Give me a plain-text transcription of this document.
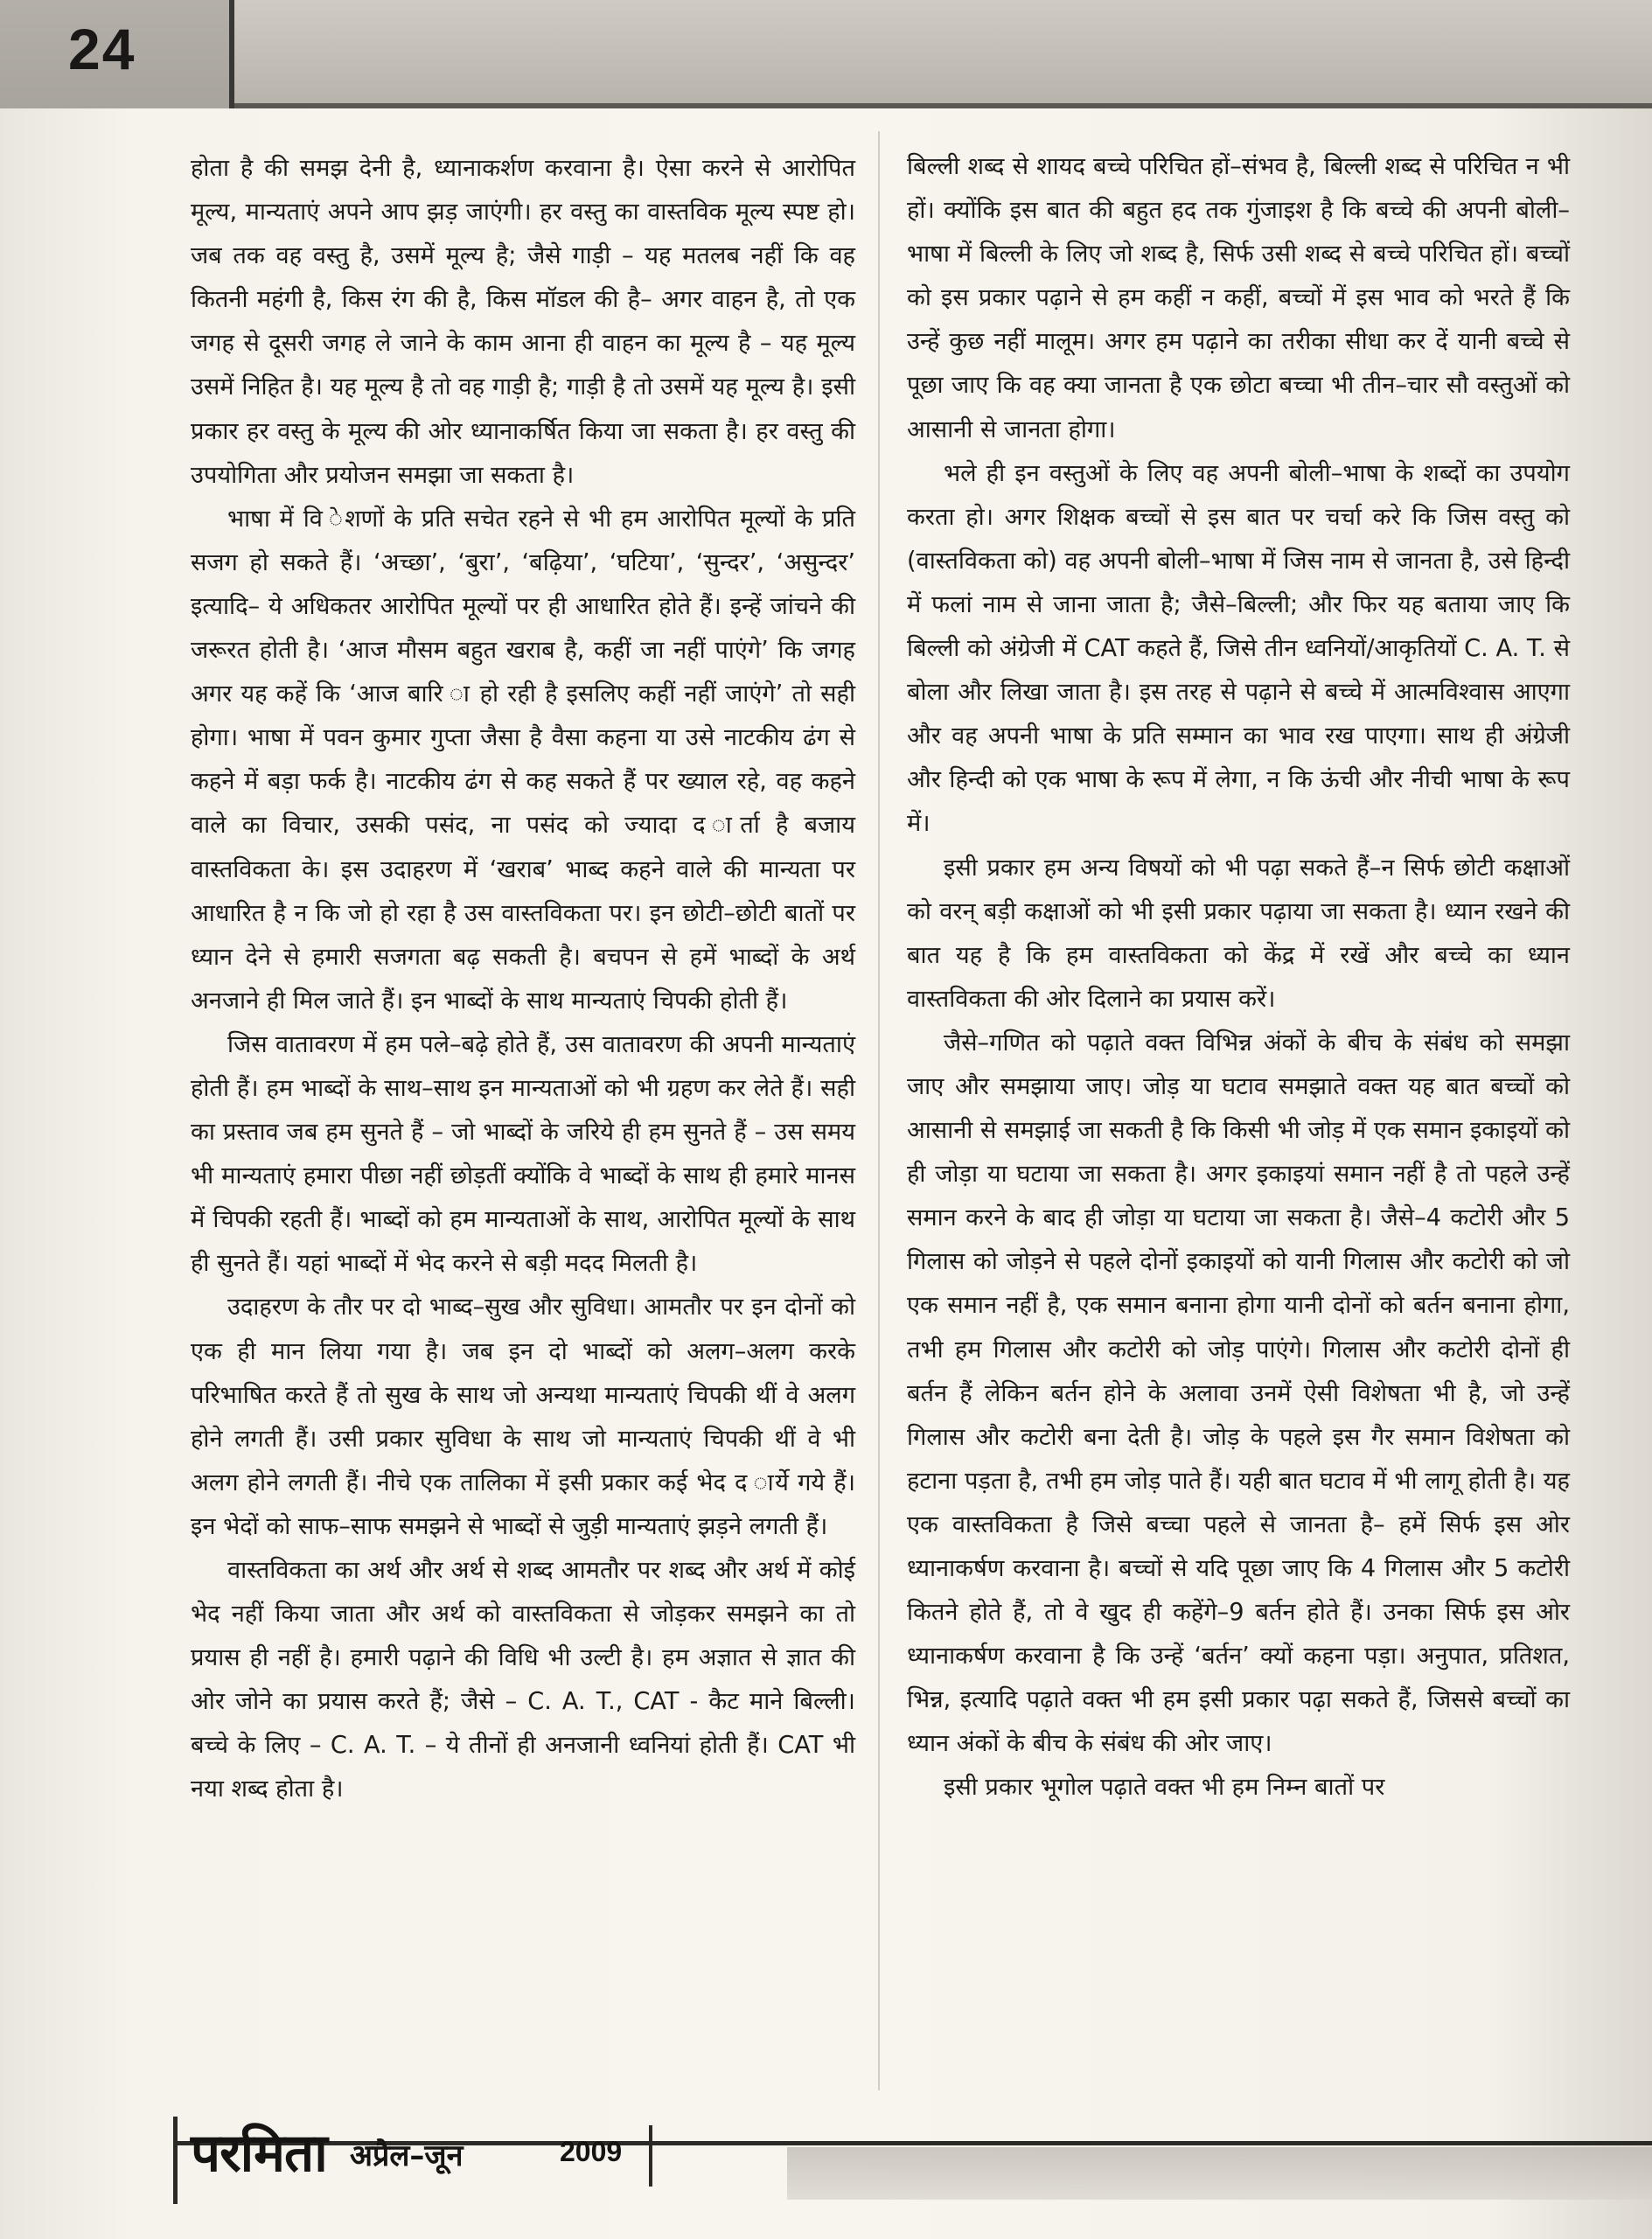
24

होता है की समझ देनी है, ध्यानाकर्शण करवाना है। ऐसा करने से आरोपित मूल्य, मान्यताएं अपने आप झड़ जाएंगी। हर वस्तु का वास्तविक मूल्य स्पष्ट हो। जब तक वह वस्तु है, उसमें मूल्य है; जैसे गाड़ी – यह मतलब नहीं कि वह कितनी महंगी है, किस रंग की है, किस मॉडल की है– अगर वाहन है, तो एक जगह से दूसरी जगह ले जाने के काम आना ही वाहन का मूल्य है – यह मूल्य उसमें निहित है। यह मूल्य है तो वह गाड़ी है; गाड़ी है तो उसमें यह मूल्य है। इसी प्रकार हर वस्तु के मूल्य की ओर ध्यानाकर्षित किया जा सकता है। हर वस्तु की उपयोगिता और प्रयोजन समझा जा सकता है।

भाषा में वि ेशणों के प्रति सचेत रहने से भी हम आरोपित मूल्यों के प्रति सजग हो सकते हैं। ‘अच्छा’, ‘बुरा’, ‘बढ़िया’, ‘घटिया’, ‘सुन्दर’, ‘असुन्दर’ इत्यादि– ये अधिकतर आरोपित मूल्यों पर ही आधारित होते हैं। इन्हें जांचने की जरूरत होती है। ‘आज मौसम बहुत खराब है, कहीं जा नहीं पाएंगे’ कि जगह अगर यह कहें कि ‘आज बारि ा हो रही है इसलिए कहीं नहीं जाएंगे’ तो सही होगा। भाषा में पवन कुमार गुप्ता जैसा है वैसा कहना या उसे नाटकीय ढंग से कहने में बड़ा फर्क है। नाटकीय ढंग से कह सकते हैं पर ख्याल रहे, वह कहने वाले का विचार, उसकी पसंद, ना पसंद को ज्यादा द ार्ता है बजाय वास्तविकता के। इस उदाहरण में ‘खराब’ भाब्द कहने वाले की मान्यता पर आधारित है न कि जो हो रहा है उस वास्तविकता पर। इन छोटी–छोटी बातों पर ध्यान देने से हमारी सजगता बढ़ सकती है। बचपन से हमें भाब्दों के अर्थ अनजाने ही मिल जाते हैं। इन भाब्दों के साथ मान्यताएं चिपकी होती हैं।

जिस वातावरण में हम पले–बढ़े होते हैं, उस वातावरण की अपनी मान्यताएं होती हैं। हम भाब्दों के साथ–साथ इन मान्यताओं को भी ग्रहण कर लेते हैं। सही का प्रस्ताव जब हम सुनते हैं – जो भाब्दों के जरिये ही हम सुनते हैं – उस समय भी मान्यताएं हमारा पीछा नहीं छोड़तीं क्योंकि वे भाब्दों के साथ ही हमारे मानस में चिपकी रहती हैं। भाब्दों को हम मान्यताओं के साथ, आरोपित मूल्यों के साथ ही सुनते हैं। यहां भाब्दों में भेद करने से बड़ी मदद मिलती है।

उदाहरण के तौर पर दो भाब्द–सुख और सुविधा। आमतौर पर इन दोनों को एक ही मान लिया गया है। जब इन दो भाब्दों को अलग–अलग करके परिभाषित करते हैं तो सुख के साथ जो अन्यथा मान्यताएं चिपकी थीं वे अलग होने लगती हैं। उसी प्रकार सुविधा के साथ जो मान्यताएं चिपकी थीं वे भी अलग होने लगती हैं। नीचे एक तालिका में इसी प्रकार कई भेद द ार्ये गये हैं। इन भेदों को साफ–साफ समझने से भाब्दों से जुड़ी मान्यताएं झड़ने लगती हैं।

वास्तविकता का अर्थ और अर्थ से शब्द आमतौर पर शब्द और अर्थ में कोई भेद नहीं किया जाता और अर्थ को वास्तविकता से जोड़कर समझने का तो प्रयास ही नहीं है। हमारी पढ़ाने की विधि भी उल्टी है। हम अज्ञात से ज्ञात की ओर जोने का प्रयास करते हैं; जैसे – C. A. T., CAT - कैट माने बिल्ली। बच्चे के लिए – C. A. T. – ये तीनों ही अनजानी ध्वनियां होती हैं। CAT भी नया शब्द होता है।

बिल्ली शब्द से शायद बच्चे परिचित हों–संभव है, बिल्ली शब्द से परिचित न भी हों। क्योंकि इस बात की बहुत हद तक गुंजाइश है कि बच्चे की अपनी बोली–भाषा में बिल्ली के लिए जो शब्द है, सिर्फ उसी शब्द से बच्चे परिचित हों। बच्चों को इस प्रकार पढ़ाने से हम कहीं न कहीं, बच्चों में इस भाव को भरते हैं कि उन्हें कुछ नहीं मालूम। अगर हम पढ़ाने का तरीका सीधा कर दें यानी बच्चे से पूछा जाए कि वह क्या जानता है एक छोटा बच्चा भी तीन–चार सौ वस्तुओं को आसानी से जानता होगा।

भले ही इन वस्तुओं के लिए वह अपनी बोली–भाषा के शब्दों का उपयोग करता हो। अगर शिक्षक बच्चों से इस बात पर चर्चा करे कि जिस वस्तु को (वास्तविकता को) वह अपनी बोली–भाषा में जिस नाम से जानता है, उसे हिन्दी में फलां नाम से जाना जाता है; जैसे–बिल्ली; और फिर यह बताया जाए कि बिल्ली को अंग्रेजी में CAT कहते हैं, जिसे तीन ध्वनियों/आकृतियों C. A. T. से बोला और लिखा जाता है। इस तरह से पढ़ाने से बच्चे में आत्मविश्वास आएगा और वह अपनी भाषा के प्रति सम्मान का भाव रख पाएगा। साथ ही अंग्रेजी और हिन्दी को एक भाषा के रूप में लेगा, न कि ऊंची और नीची भाषा के रूप में।

इसी प्रकार हम अन्य विषयों को भी पढ़ा सकते हैं–न सिर्फ छोटी कक्षाओं को वरन् बड़ी कक्षाओं को भी इसी प्रकार पढ़ाया जा सकता है। ध्यान रखने की बात यह है कि हम वास्तविकता को केंद्र में रखें और बच्चे का ध्यान वास्तविकता की ओर दिलाने का प्रयास करें।

जैसे–गणित को पढ़ाते वक्त विभिन्न अंकों के बीच के संबंध को समझा जाए और समझाया जाए। जोड़ या घटाव समझाते वक्त यह बात बच्चों को आसानी से समझाई जा सकती है कि किसी भी जोड़ में एक समान इकाइयों को ही जोड़ा या घटाया जा सकता है। अगर इकाइयां समान नहीं है तो पहले उन्हें समान करने के बाद ही जोड़ा या घटाया जा सकता है। जैसे–4 कटोरी और 5 गिलास को जोड़ने से पहले दोनों इकाइयों को यानी गिलास और कटोरी को जो एक समान नहीं है, एक समान बनाना होगा यानी दोनों को बर्तन बनाना होगा, तभी हम गिलास और कटोरी को जोड़ पाएंगे। गिलास और कटोरी दोनों ही बर्तन हैं लेकिन बर्तन होने के अलावा उनमें ऐसी विशेषता भी है, जो उन्हें गिलास और कटोरी बना देती है। जोड़ के पहले इस गैर समान विशेषता को हटाना पड़ता है, तभी हम जोड़ पाते हैं। यही बात घटाव में भी लागू होती है। यह एक वास्तविकता है जिसे बच्चा पहले से जानता है– हमें सिर्फ इस ओर ध्यानाकर्षण करवाना है। बच्चों से यदि पूछा जाए कि 4 गिलास और 5 कटोरी कितने होते हैं, तो वे खुद ही कहेंगे–9 बर्तन होते हैं। उनका सिर्फ इस ओर ध्यानाकर्षण करवाना है कि उन्हें ‘बर्तन’ क्यों कहना पड़ा। अनुपात, प्रतिशत, भिन्न, इत्यादि पढ़ाते वक्त भी हम इसी प्रकार पढ़ा सकते हैं, जिससे बच्चों का ध्यान अंकों के बीच के संबंध की ओर जाए।

इसी प्रकार भूगोल पढ़ाते वक्त भी हम निम्न बातों पर

परमिता अप्रैल–जून	2009
